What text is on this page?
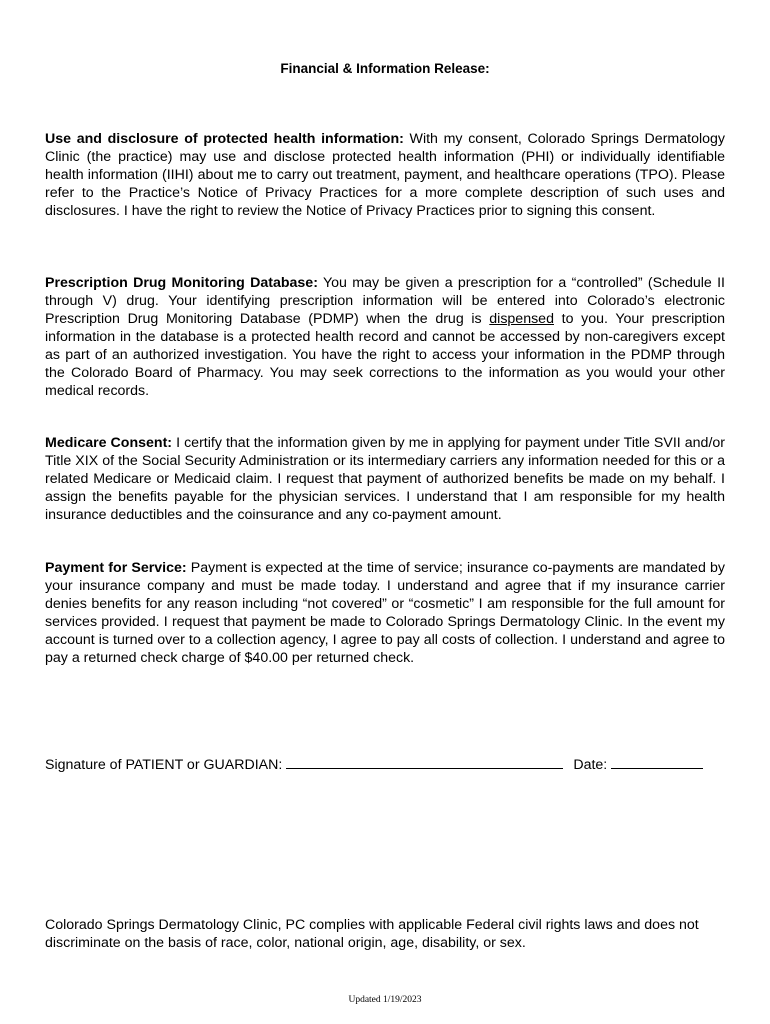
Financial & Information Release:

Use and disclosure of protected health information: With my consent, Colorado Springs Dermatology Clinic (the practice) may use and disclose protected health information (PHI) or individually identifiable health information (IIHI) about me to carry out treatment, payment, and healthcare operations (TPO). Please refer to the Practice’s Notice of Privacy Practices for a more complete description of such uses and disclosures. I have the right to review the Notice of Privacy Practices prior to signing this consent.

Prescription Drug Monitoring Database: You may be given a prescription for a “controlled” (Schedule II through V) drug. Your identifying prescription information will be entered into Colorado’s electronic Prescription Drug Monitoring Database (PDMP) when the drug is dispensed to you. Your prescription information in the database is a protected health record and cannot be accessed by non-caregivers except as part of an authorized investigation. You have the right to access your information in the PDMP through the Colorado Board of Pharmacy. You may seek corrections to the information as you would your other medical records.

Medicare Consent: I certify that the information given by me in applying for payment under Title SVII and/or Title XIX of the Social Security Administration or its intermediary carriers any information needed for this or a related Medicare or Medicaid claim. I request that payment of authorized benefits be made on my behalf. I assign the benefits payable for the physician services. I understand that I am responsible for my health insurance deductibles and the coinsurance and any co-payment amount.

Payment for Service: Payment is expected at the time of service; insurance co-payments are mandated by your insurance company and must be made today. I understand and agree that if my insurance carrier denies benefits for any reason including “not covered” or “cosmetic” I am responsible for the full amount for services provided. I request that payment be made to Colorado Springs Dermatology Clinic. In the event my account is turned over to a collection agency, I agree to pay all costs of collection. I understand and agree to pay a returned check charge of $40.00 per returned check.

Signature of PATIENT or GUARDIAN:	Date:
Colorado Springs Dermatology Clinic, PC complies with applicable Federal civil rights laws and does not discriminate on the basis of race, color, national origin, age, disability, or sex.
Updated 1/19/2023
